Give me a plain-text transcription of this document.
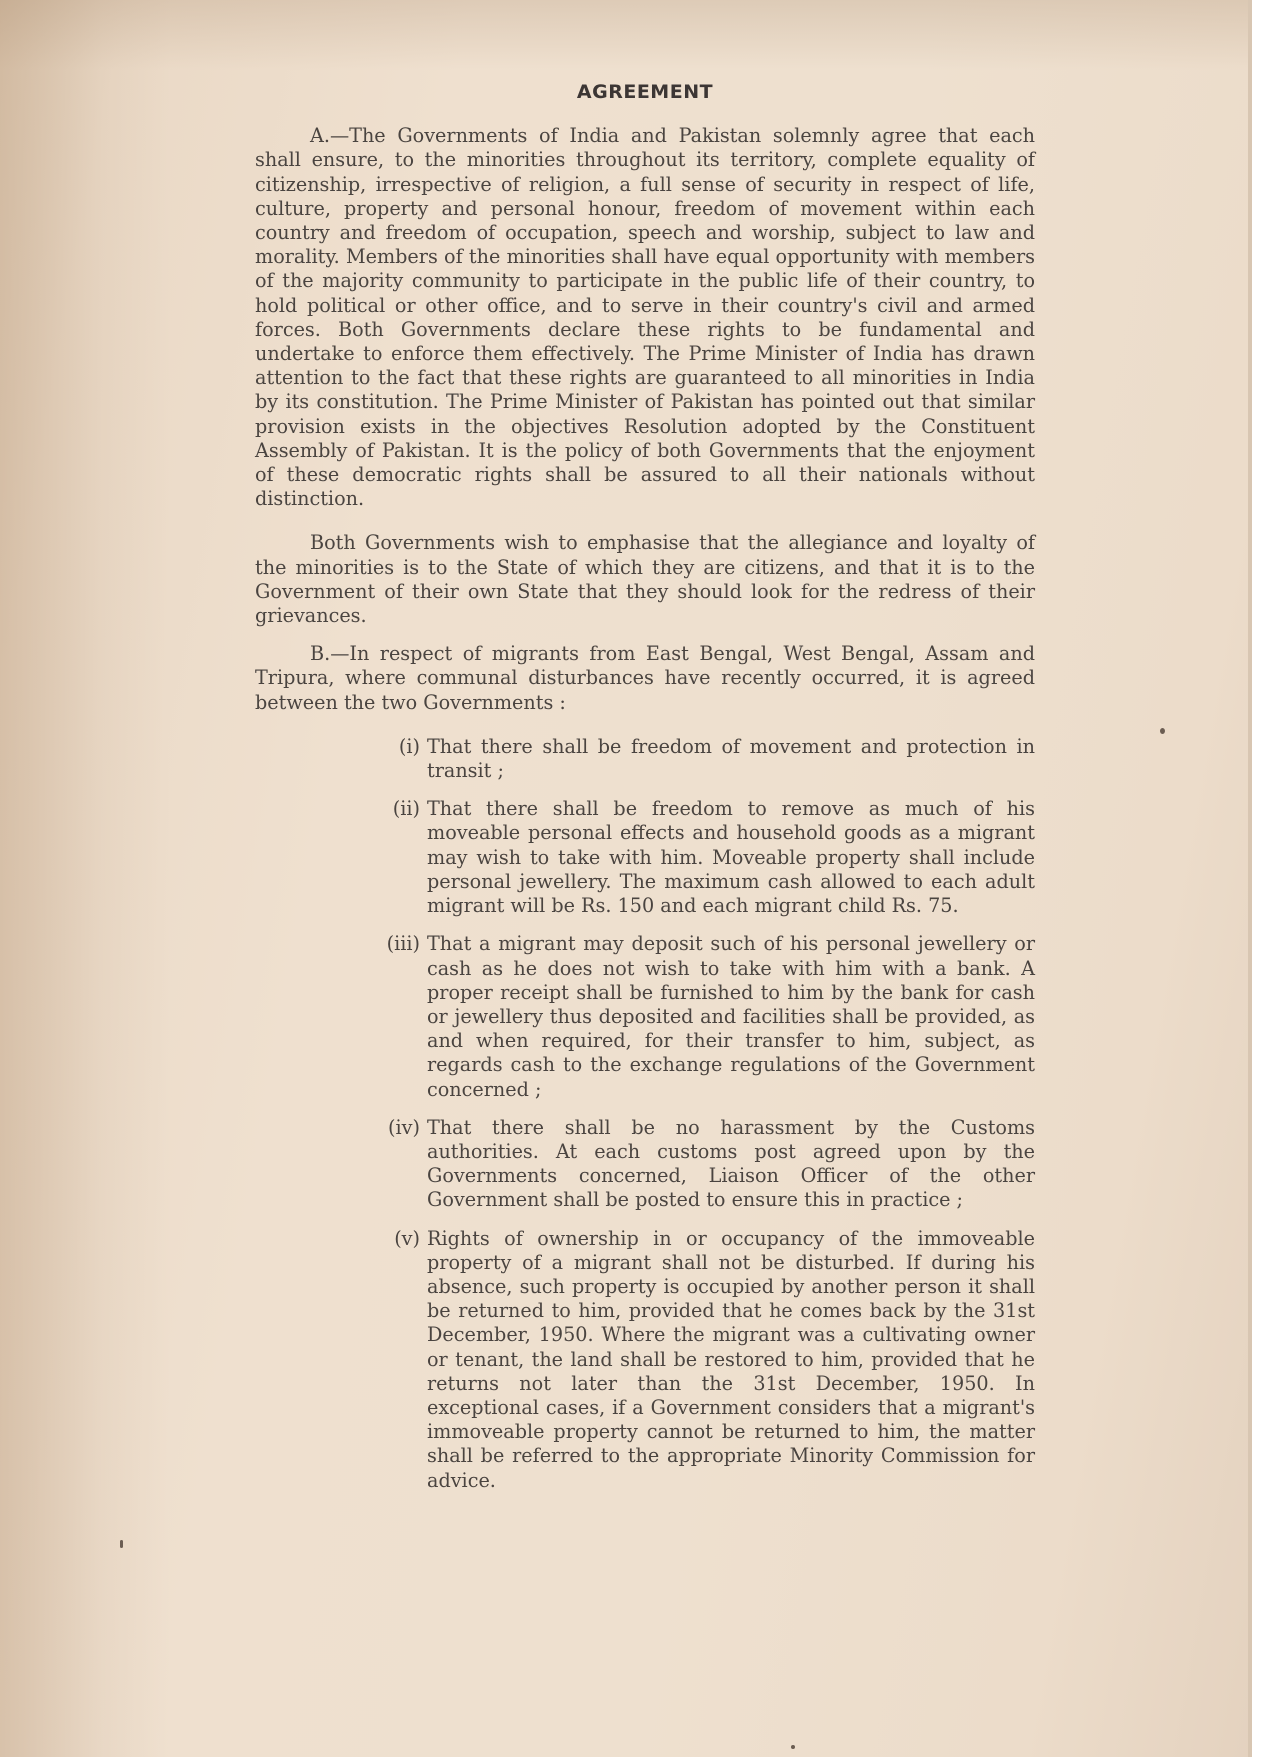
AGREEMENT

A.—The Governments of India and Pakistan solemnly agree that each shall ensure, to the minorities throughout its territory, complete equality of citizenship, irrespective of religion, a full sense of security in respect of life, culture, property and personal honour, freedom of movement within each country and freedom of occupation, speech and worship, subject to law and morality. Members of the minorities shall have equal opportunity with members of the majority community to participate in the public life of their country, to hold political or other office, and to serve in their country's civil and armed forces. Both Governments declare these rights to be fundamental and undertake to enforce them effectively. The Prime Minister of India has drawn attention to the fact that these rights are guaranteed to all minorities in India by its constitution. The Prime Minister of Pakistan has pointed out that similar provision exists in the objectives Resolution adopted by the Constituent Assembly of Pakistan. It is the policy of both Governments that the enjoyment of these democratic rights shall be assured to all their nationals without distinction.

Both Governments wish to emphasise that the allegiance and loyalty of the minorities is to the State of which they are citizens, and that it is to the Government of their own State that they should look for the redress of their grievances.

B.—In respect of migrants from East Bengal, West Bengal, Assam and Tripura, where communal disturbances have recently occurred, it is agreed between the two Governments :

(i) That there shall be freedom of movement and protection in transit ;
(ii) That there shall be freedom to remove as much of his moveable personal effects and household goods as a migrant may wish to take with him. Moveable property shall include personal jewellery. The maximum cash allowed to each adult migrant will be Rs. 150 and each migrant child Rs. 75.
(iii) That a migrant may deposit such of his personal jewellery or cash as he does not wish to take with him with a bank. A proper receipt shall be furnished to him by the bank for cash or jewellery thus deposited and facilities shall be provided, as and when required, for their transfer to him, subject, as regards cash to the exchange regulations of the Government concerned ;
(iv) That there shall be no harassment by the Customs authorities. At each customs post agreed upon by the Governments concerned, Liaison Officer of the other Government shall be posted to ensure this in practice ;
(v) Rights of ownership in or occupancy of the immoveable property of a migrant shall not be disturbed. If during his absence, such property is occupied by another person it shall be returned to him, provided that he comes back by the 31st December, 1950. Where the migrant was a cultivating owner or tenant, the land shall be restored to him, provided that he returns not later than the 31st December, 1950. In exceptional cases, if a Government considers that a migrant's immoveable property cannot be returned to him, the matter shall be referred to the appropriate Minority Commission for advice.
